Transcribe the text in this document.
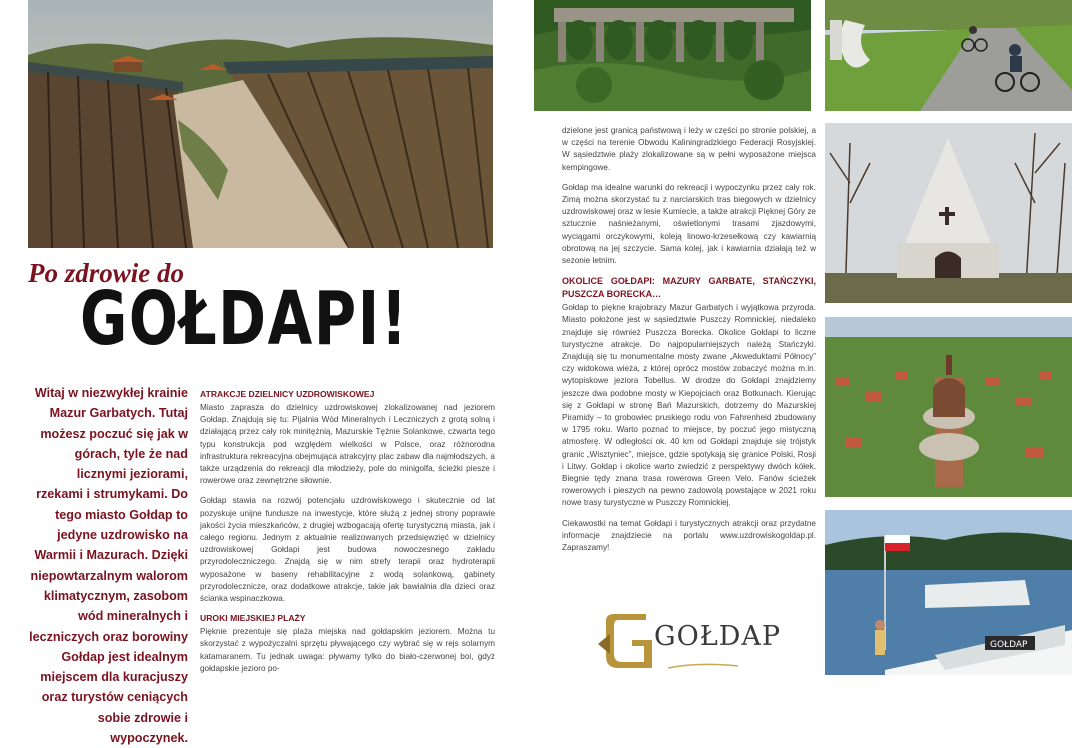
GOŁDAP
Po zdrowie do
GOŁDAPI!
Witaj w niezwykłej krainie Mazur Garbatych. Tutaj możesz poczuć się jak w górach, tyle że nad licznymi jeziorami, rzekami i strumykami. Do tego miasto Gołdap to jedyne uzdrowisko na Warmii i Mazurach. Dzięki niepowtarzalnym walorom klimatycznym, zasobom wód mineralnych i leczniczych oraz borowiny Gołdap jest idealnym miejscem dla kuracjuszy oraz turystów ceniących sobie zdrowie i wypoczynek.
ATRAKCJE DZIELNICY UZDROWISKOWEJ

Miasto zaprasza do dzielnicy uzdrowiskowej zlokalizowanej nad jeziorem Gołdap. Znajdują się tu: Pijalnia Wód Mineralnych i Leczniczych z grotą solną i działającą przez cały rok minitężnią, Mazurskie Tężnie Solankowe, czwarta tego typu konstrukcja pod względem wielkości w Polsce, oraz różnorodna infrastruktura rekreacyjna obejmująca atrakcyjny plac zabaw dla najmłodszych, a także urządzenia do rekreacji dla młodzieży, pole do minigolfa, ścieżki piesze i rowerowe oraz zewnętrzne siłownie.

Gołdap stawia na rozwój potencjału uzdrowiskowego i skutecznie od lat pozyskuje unijne fundusze na inwestycje, które służą z jednej strony poprawie jakości życia mieszkańców, z drugiej wzbogacają ofertę turystyczną miasta, jak i całego regionu. Jednym z aktualnie realizowanych przedsięwzięć w dzielnicy uzdrowiskowej Gołdapi jest budowa nowoczesnego zakładu przyrodoleczniczego. Znajdą się w nim strefy terapii oraz hydroterapii wyposażone w baseny rehabilitacyjne z wodą solankową, gabinety przyrodolecznicze, oraz dodatkowe atrakcje, takie jak bawialnia dla dzieci oraz ścianka wspinaczkowa.

UROKI MIEJSKIEJ PLAŻY

Pięknie prezentuje się plaża miejska nad gołdapskim jeziorem. Można tu skorzystać z wypożyczalni sprzętu pływającego czy wybrać się w rejs solarnym katamaranem. Tu jednak uwaga: pływamy tylko do biało-czerwonej boi, gdyż gołdapskie jezioro po-

dzielone jest granicą państwową i leży w części po stronie polskiej, a w części na terenie Obwodu Kaliningradzkiego Federacji Rosyjskiej. W sąsiedztwie plaży zlokalizowane są w pełni wyposażone miejsca kempingowe.

Gołdap ma idealne warunki do rekreacji i wypoczynku przez cały rok. Zimą można skorzystać tu z narciarskich tras biegowych w dzielnicy uzdrowiskowej oraz w lesie Kumiecie, a także atrakcji Pięknej Góry ze sztucznie naśnieżanymi, oświetlonymi trasami zjazdowymi, wyciągami orczykowymi, koleją linowo-krzesełkową czy kawiarnią obrotową na jej szczycie. Sama kolej, jak i kawiarnia działają też w sezonie letnim.

OKOLICE GOŁDAPI: MAZURY GARBATE, STAŃCZYKI, PUSZCZA BORECKA…

Gołdap to piękne krajobrazy Mazur Garbatych i wyjątkowa przyroda. Miasto położone jest w sąsiedztwie Puszczy Romnickiej, niedaleko znajduje się również Puszcza Borecka. Okolice Gołdapi to liczne turystyczne atrakcje. Do najpopularniejszych należą Stańczyki. Znajdują się tu monumentalne mosty zwane „Akweduktami Północy” czy widokowa wieża, z której oprócz mostów zobaczyć można m.in. wytopiskowe jeziora Tobellus. W drodze do Gołdapi znajdziemy jeszcze dwa podobne mosty w Kiepojciach oraz Botkunach. Kierując się z Gołdapi w stronę Bań Mazurskich, dotrzemy do Mazurskiej Piramidy – to grobowiec pruskiego rodu von Fahrenheid zbudowany w 1795 roku. Warto poznać to miejsce, by poczuć jego mistyczną atmosferę. W odległości ok. 40 km od Gołdapi znajduje się trójstyk granic „Wisztyniec”, miejsce, gdzie spotykają się granice Polski, Rosji i Litwy. Gołdap i okolice warto zwiedzić z perspektywy dwóch kółek. Biegnie tędy znana trasa rowerowa Green Velo. Fanów ścieżek rowerowych i pieszych na pewno zadowolą powstające w 2021 roku nowe trasy turystyczne w Puszczy Romnickiej.

Ciekawostki na temat Gołdapi i turystycznych atrakcji oraz przydatne informacje znajdziecie na portalu www.uzdrowiskogoldap.pl. Zapraszamy!

GOŁDAP
